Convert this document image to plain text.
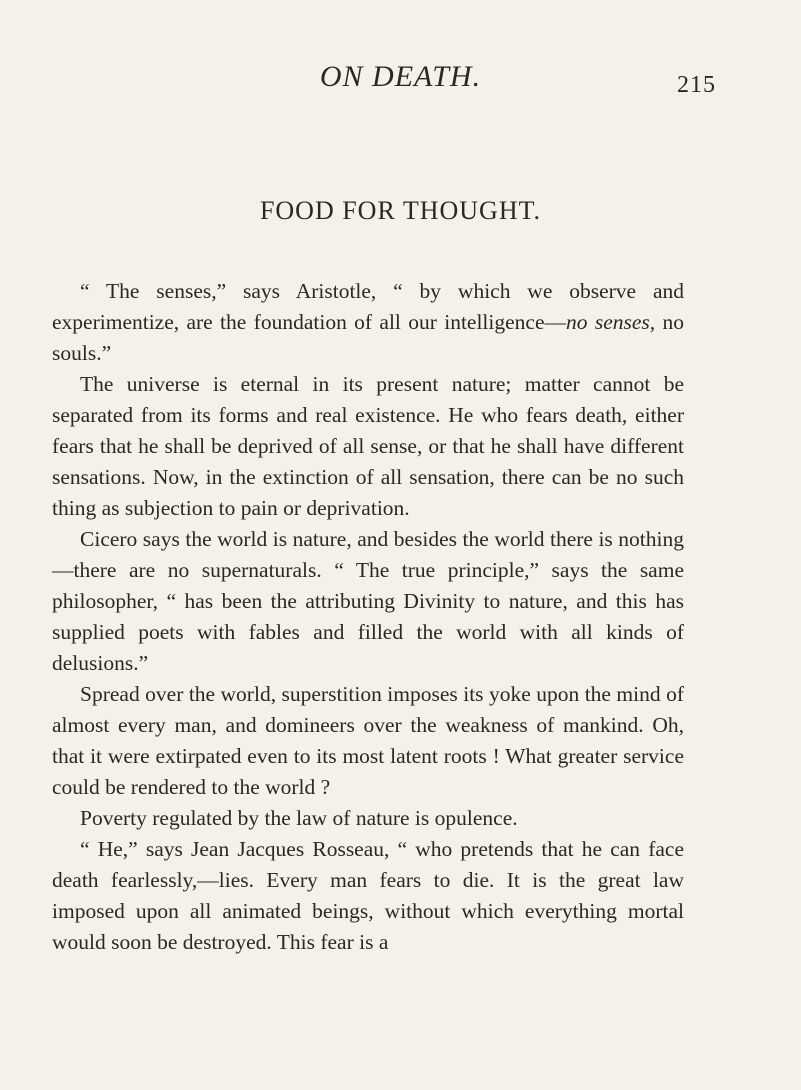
ON DEATH.	215
FOOD FOR THOUGHT.

“ The senses,” says Aristotle, “ by which we observe and experimentize, are the foundation of all our intelligence—no senses, no souls.”

The universe is eternal in its present nature; matter cannot be separated from its forms and real existence. He who fears death, either fears that he shall be deprived of all sense, or that he shall have different sensations. Now, in the extinction of all sensation, there can be no such thing as subjection to pain or deprivation.

Cicero says the world is nature, and besides the world there is nothing—there are no supernaturals. “ The true principle,” says the same philosopher, “ has been the attributing Divinity to nature, and this has supplied poets with fables and filled the world with all kinds of delusions.”

Spread over the world, superstition imposes its yoke upon the mind of almost every man, and domineers over the weakness of mankind. Oh, that it were extirpated even to its most latent roots ! What greater service could be rendered to the world ?

Poverty regulated by the law of nature is opulence.

“ He,” says Jean Jacques Rosseau, “ who pretends that he can face death fearlessly,—lies. Every man fears to die. It is the great law imposed upon all animated beings, without which everything mortal would soon be destroyed. This fear is a
